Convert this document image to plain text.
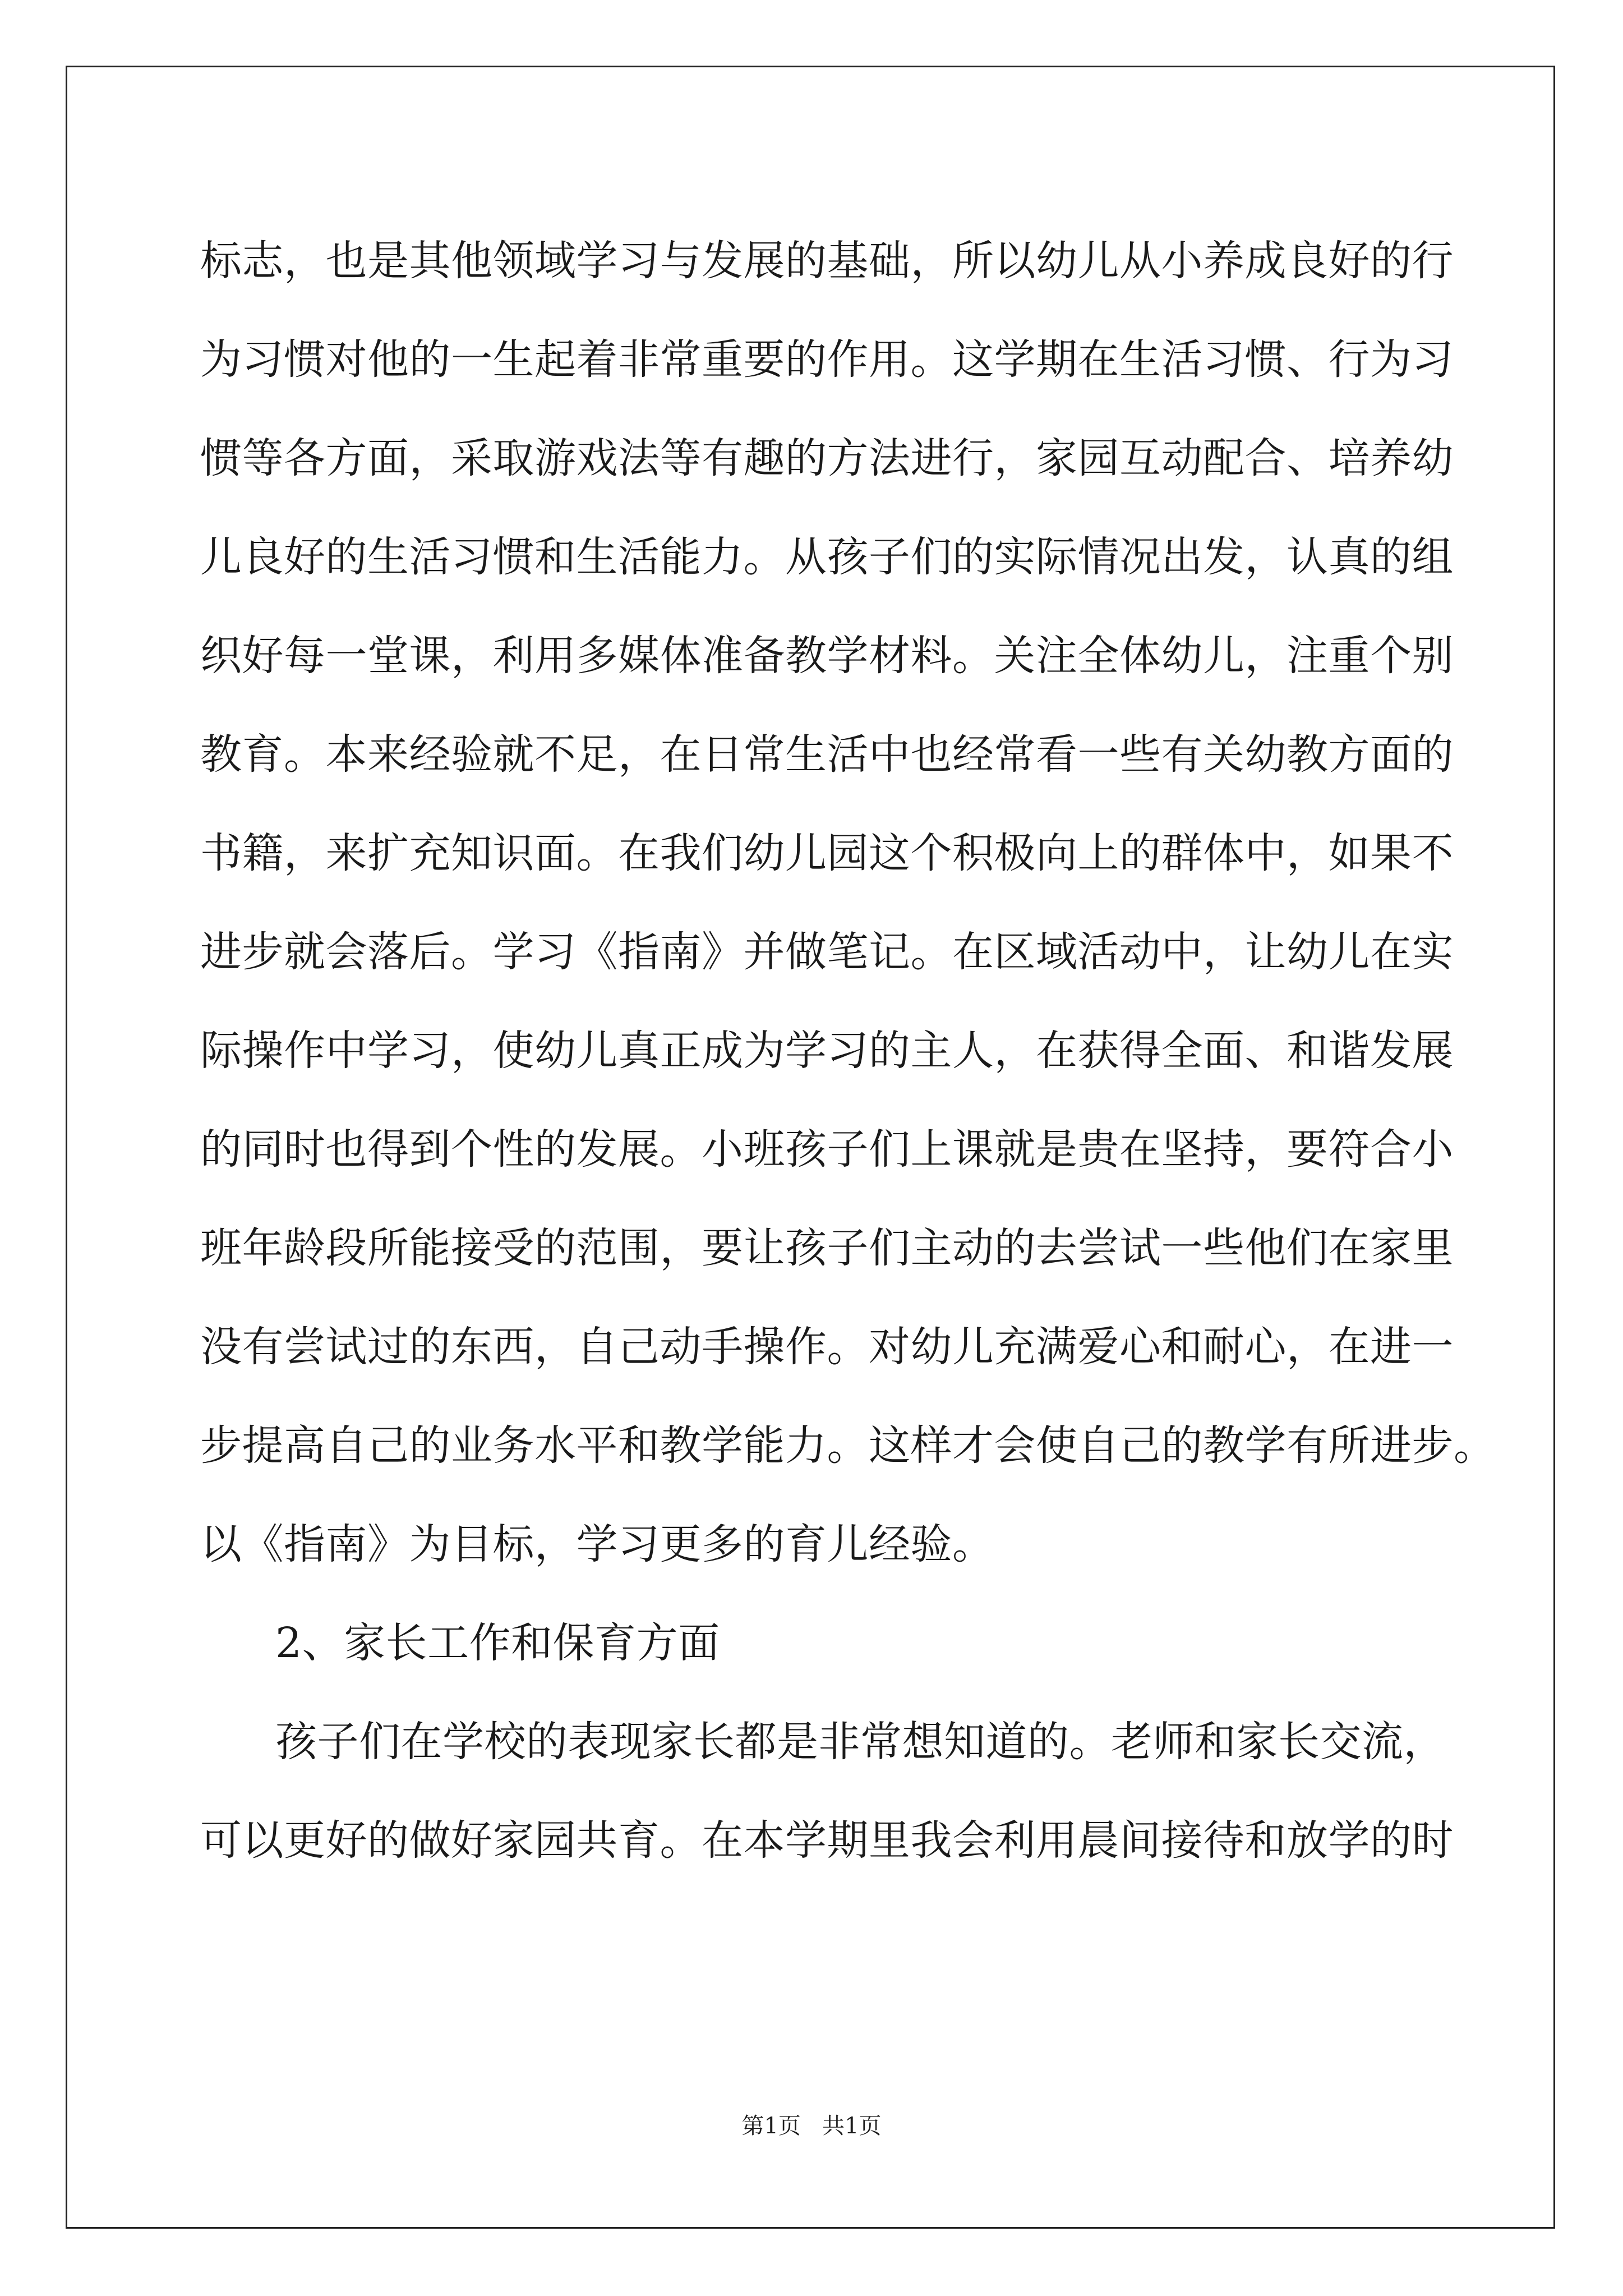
标志，也是其他领域学习与发展的基础，所以幼儿从小养成良好的行
为习惯对他的一生起着非常重要的作用。这学期在生活习惯、行为习
惯等各方面，采取游戏法等有趣的方法进行，家园互动配合、培养幼
儿良好的生活习惯和生活能力。从孩子们的实际情况出发，认真的组
织好每一堂课，利用多媒体准备教学材料。关注全体幼儿，注重个别
教育。本来经验就不足，在日常生活中也经常看一些有关幼教方面的
书籍，来扩充知识面。在我们幼儿园这个积极向上的群体中，如果不
进步就会落后。学习《指南》并做笔记。在区域活动中，让幼儿在实
际操作中学习，使幼儿真正成为学习的主人，在获得全面、和谐发展
的同时也得到个性的发展。小班孩子们上课就是贵在坚持，要符合小
班年龄段所能接受的范围，要让孩子们主动的去尝试一些他们在家里
没有尝试过的东西，自己动手操作。对幼儿充满爱心和耐心，在进一
步提高自己的业务水平和教学能力。这样才会使自己的教学有所进步。
以《指南》为目标，学习更多的育儿经验。
2、家长工作和保育方面
孩子们在学校的表现家长都是非常想知道的。老师和家长交流，
可以更好的做好家园共育。在本学期里我会利用晨间接待和放学的时
第1页   共1页
